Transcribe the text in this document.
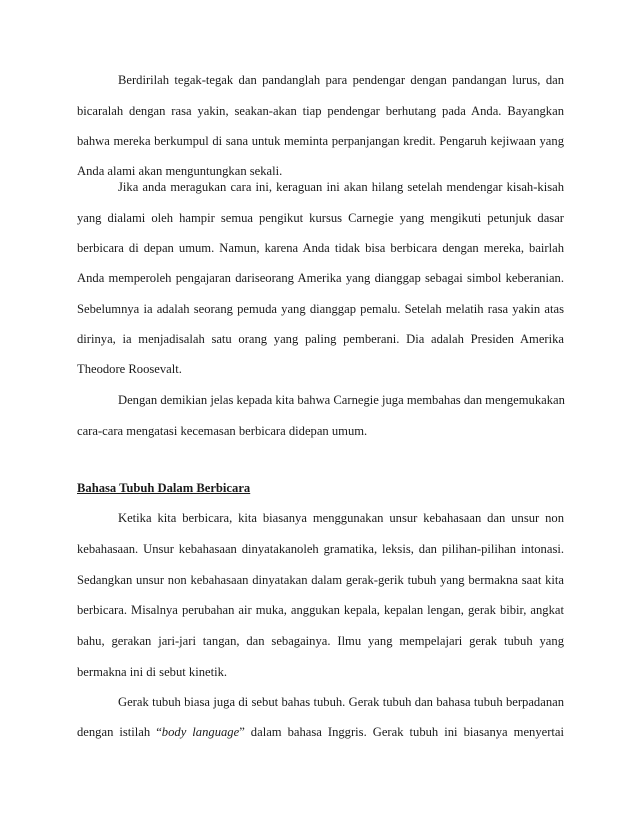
Berdirilah tegak-tegak dan pandanglah para pendengar dengan pandangan lurus, dan
bicaralah dengan rasa yakin, seakan-akan tiap pendengar berhutang pada Anda. Bayangkan
bahwa mereka berkumpul di sana untuk meminta perpanjangan kredit. Pengaruh kejiwaan yang
Anda alami akan menguntungkan sekali.
Jika anda meragukan cara ini, keraguan ini akan hilang setelah mendengar kisah-kisah
yang dialami oleh hampir semua pengikut kursus Carnegie yang mengikuti petunjuk dasar
berbicara di depan umum. Namun, karena Anda tidak bisa berbicara dengan mereka, bairlah
Anda memperoleh pengajaran dariseorang Amerika yang dianggap sebagai simbol keberanian.
Sebelumnya ia adalah seorang pemuda yang dianggap pemalu. Setelah melatih rasa yakin atas
dirinya, ia menjadisalah satu orang yang paling pemberani. Dia adalah Presiden Amerika
Theodore Roosevalt.
Dengan demikian jelas kepada kita bahwa Carnegie juga membahas dan mengemukakan
cara-cara mengatasi kecemasan berbicara didepan umum.
Bahasa Tubuh Dalam Berbicara
Ketika kita berbicara, kita biasanya menggunakan unsur kebahasaan dan unsur non
kebahasaan. Unsur kebahasaan dinyatakanoleh gramatika, leksis, dan pilihan-pilihan intonasi.
Sedangkan unsur non kebahasaan dinyatakan dalam gerak-gerik tubuh yang bermakna saat kita
berbicara. Misalnya perubahan air muka, anggukan kepala, kepalan lengan, gerak bibir, angkat
bahu, gerakan jari-jari tangan, dan sebagainya. Ilmu yang mempelajari gerak tubuh yang
bermakna ini di sebut kinetik.
Gerak tubuh biasa juga di sebut bahas tubuh. Gerak tubuh dan bahasa tubuh berpadanan
dengan istilah “body language” dalam bahasa Inggris. Gerak tubuh ini biasanya menyertai
